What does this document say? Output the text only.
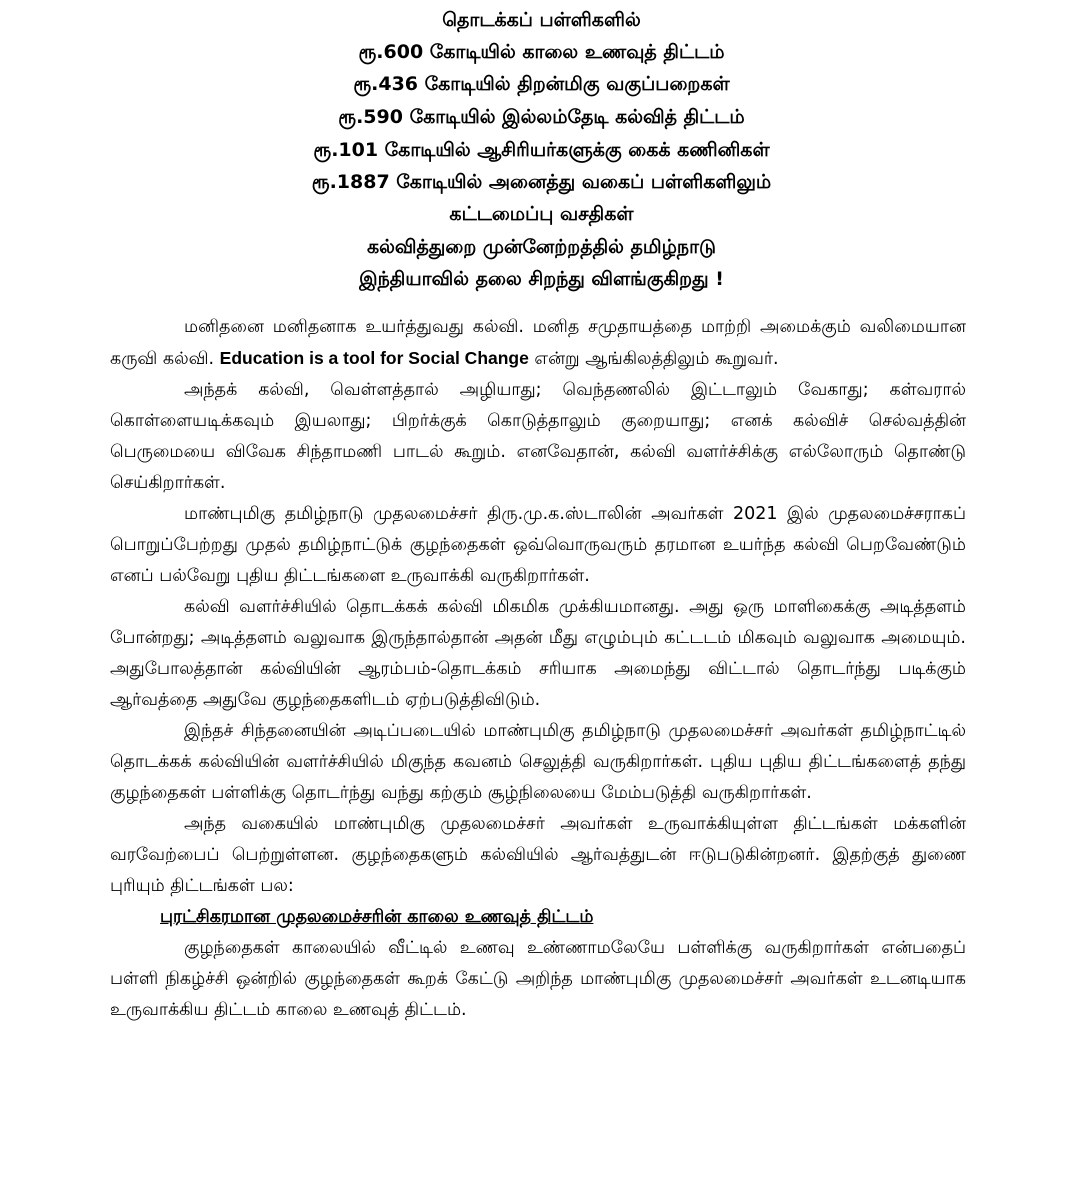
தொடக்கப் பள்ளிகளில்

ரூ.600 கோடியில் காலை உணவுத் திட்டம்

ரூ.436 கோடியில் திறன்மிகு வகுப்பறைகள்

ரூ.590 கோடியில் இல்லம்தேடி கல்வித் திட்டம்

ரூ.101 கோடியில் ஆசிரியர்களுக்கு கைக் கணினிகள்

ரூ.1887 கோடியில் அனைத்து வகைப் பள்ளிகளிலும்

கட்டமைப்பு வசதிகள்

கல்வித்துறை முன்னேற்றத்தில் தமிழ்நாடு

இந்தியாவில் தலை சிறந்து விளங்குகிறது !

மனிதனை மனிதனாக உயர்த்துவது கல்வி. மனித சமுதாயத்தை மாற்றி அமைக்கும் வலிமையான கருவி கல்வி. Education is a tool for Social Change என்று ஆங்கிலத்திலும் கூறுவர்.

அந்தக் கல்வி, வெள்ளத்தால் அழியாது; வெந்தணலில் இட்டாலும் வேகாது; கள்வரால் கொள்ளையடிக்கவும் இயலாது; பிறர்க்குக் கொடுத்தாலும் குறையாது; எனக் கல்விச் செல்வத்தின் பெருமையை விவேக சிந்தாமணி பாடல் கூறும். எனவேதான், கல்வி வளர்ச்சிக்கு எல்லோரும் தொண்டு செய்கிறார்கள்.

மாண்புமிகு தமிழ்நாடு முதலமைச்சர் திரு.மு.க.ஸ்டாலின் அவர்கள் 2021 இல் முதலமைச்சராகப் பொறுப்பேற்றது முதல் தமிழ்நாட்டுக் குழந்தைகள் ஒவ்வொருவரும் தரமான உயர்ந்த கல்வி பெறவேண்டும் எனப் பல்வேறு புதிய திட்டங்களை உருவாக்கி வருகிறார்கள்.

கல்வி வளர்ச்சியில் தொடக்கக் கல்வி மிகமிக முக்கியமானது. அது ஒரு மாளிகைக்கு அடித்தளம் போன்றது; அடித்தளம் வலுவாக இருந்தால்தான் அதன் மீது எழும்பும் கட்டடம் மிகவும் வலுவாக அமையும். அதுபோலத்தான் கல்வியின் ஆரம்பம்-தொடக்கம் சரியாக அமைந்து விட்டால் தொடர்ந்து படிக்கும் ஆர்வத்தை அதுவே குழந்தைகளிடம் ஏற்படுத்திவிடும்.

இந்தச் சிந்தனையின் அடிப்படையில் மாண்புமிகு தமிழ்நாடு முதலமைச்சர் அவர்கள் தமிழ்நாட்டில் தொடக்கக் கல்வியின் வளர்ச்சியில் மிகுந்த கவனம் செலுத்தி வருகிறார்கள். புதிய புதிய திட்டங்களைத் தந்து குழந்தைகள் பள்ளிக்கு தொடர்ந்து வந்து கற்கும் சூழ்நிலையை மேம்படுத்தி வருகிறார்கள்.

அந்த வகையில் மாண்புமிகு முதலமைச்சர் அவர்கள் உருவாக்கியுள்ள திட்டங்கள் மக்களின் வரவேற்பைப் பெற்றுள்ளன. குழந்தைகளும் கல்வியில் ஆர்வத்துடன் ஈடுபடுகின்றனர். இதற்குத் துணை புரியும் திட்டங்கள் பல:

புரட்சிகரமான முதலமைச்சரின் காலை உணவுத் திட்டம்

குழந்தைகள் காலையில் வீட்டில் உணவு உண்ணாமலேயே பள்ளிக்கு வருகிறார்கள் என்பதைப் பள்ளி நிகழ்ச்சி ஒன்றில் குழந்தைகள் கூறக் கேட்டு அறிந்த மாண்புமிகு முதலமைச்சர் அவர்கள் உடனடியாக உருவாக்கிய திட்டம் காலை உணவுத் திட்டம்.
